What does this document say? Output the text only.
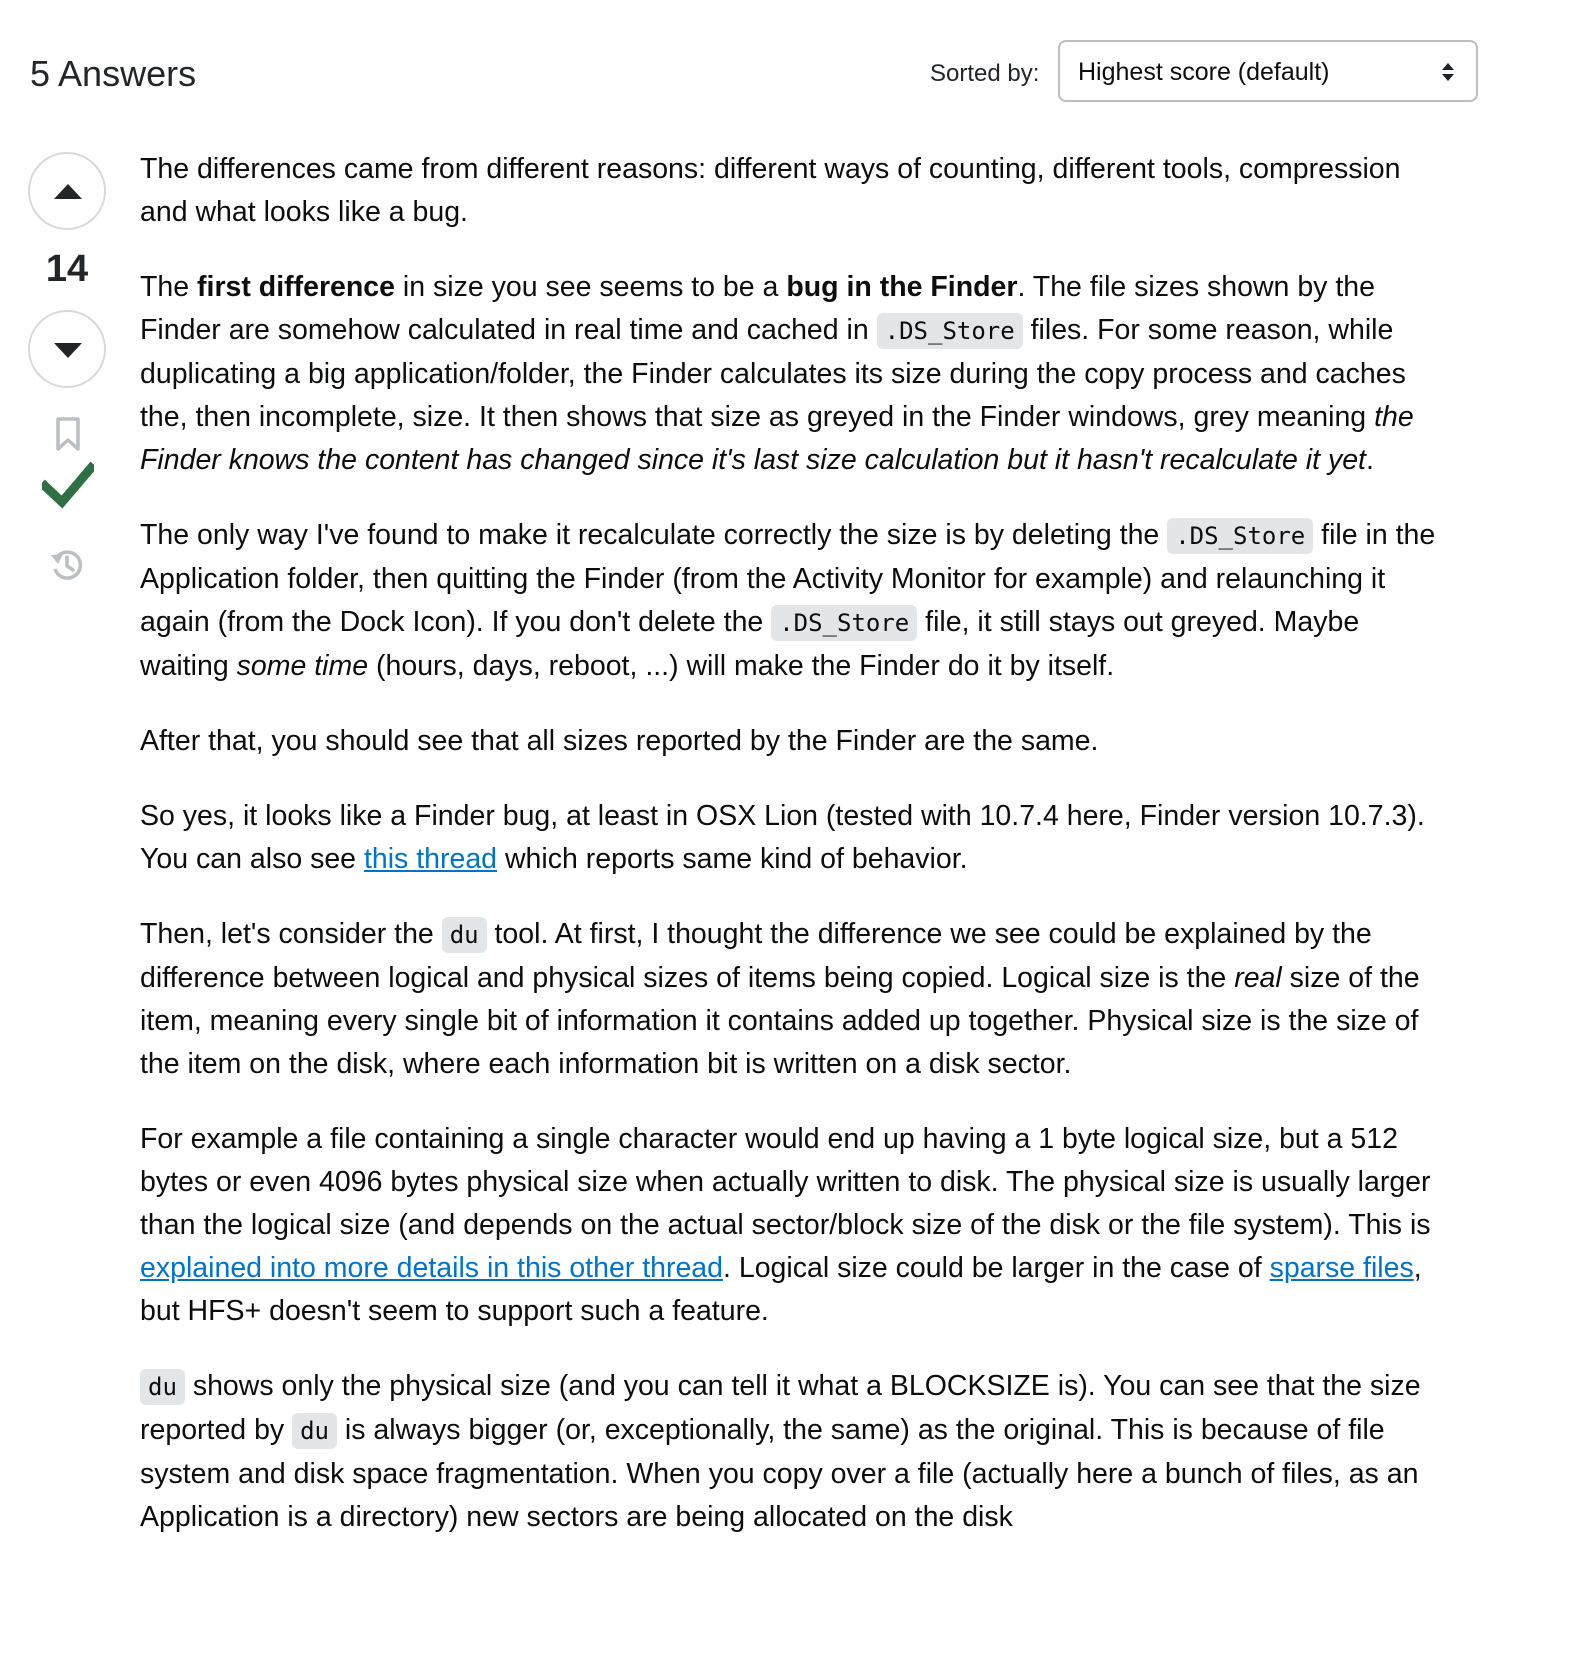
5 Answers	Sorted by: Highest score (default)
14

The differences came from different reasons: different ways of counting, different tools, compression and what looks like a bug.

The first difference in size you see seems to be a bug in the Finder. The file sizes shown by the Finder are somehow calculated in real time and cached in .DS_Store files. For some reason, while duplicating a big application/folder, the Finder calculates its size during the copy process and caches the, then incomplete, size. It then shows that size as greyed in the Finder windows, grey meaning the Finder knows the content has changed since it's last size calculation but it hasn't recalculate it yet.

The only way I've found to make it recalculate correctly the size is by deleting the .DS_Store file in the Application folder, then quitting the Finder (from the Activity Monitor for example) and relaunching it again (from the Dock Icon). If you don't delete the .DS_Store file, it still stays out greyed. Maybe waiting some time (hours, days, reboot, ...) will make the Finder do it by itself.

After that, you should see that all sizes reported by the Finder are the same.

So yes, it looks like a Finder bug, at least in OSX Lion (tested with 10.7.4 here, Finder version 10.7.3). You can also see this thread which reports same kind of behavior.

Then, let's consider the du tool. At first, I thought the difference we see could be explained by the difference between logical and physical sizes of items being copied. Logical size is the real size of the item, meaning every single bit of information it contains added up together. Physical size is the size of the item on the disk, where each information bit is written on a disk sector.

For example a file containing a single character would end up having a 1 byte logical size, but a 512 bytes or even 4096 bytes physical size when actually written to disk. The physical size is usually larger than the logical size (and depends on the actual sector/block size of the disk or the file system). This is explained into more details in this other thread. Logical size could be larger in the case of sparse files, but HFS+ doesn't seem to support such a feature.

du shows only the physical size (and you can tell it what a BLOCKSIZE is). You can see that the size reported by du is always bigger (or, exceptionally, the same) as the original. This is because of file system and disk space fragmentation. When you copy over a file (actually here a bunch of files, as an Application is a directory) new sectors are being allocated on the disk
